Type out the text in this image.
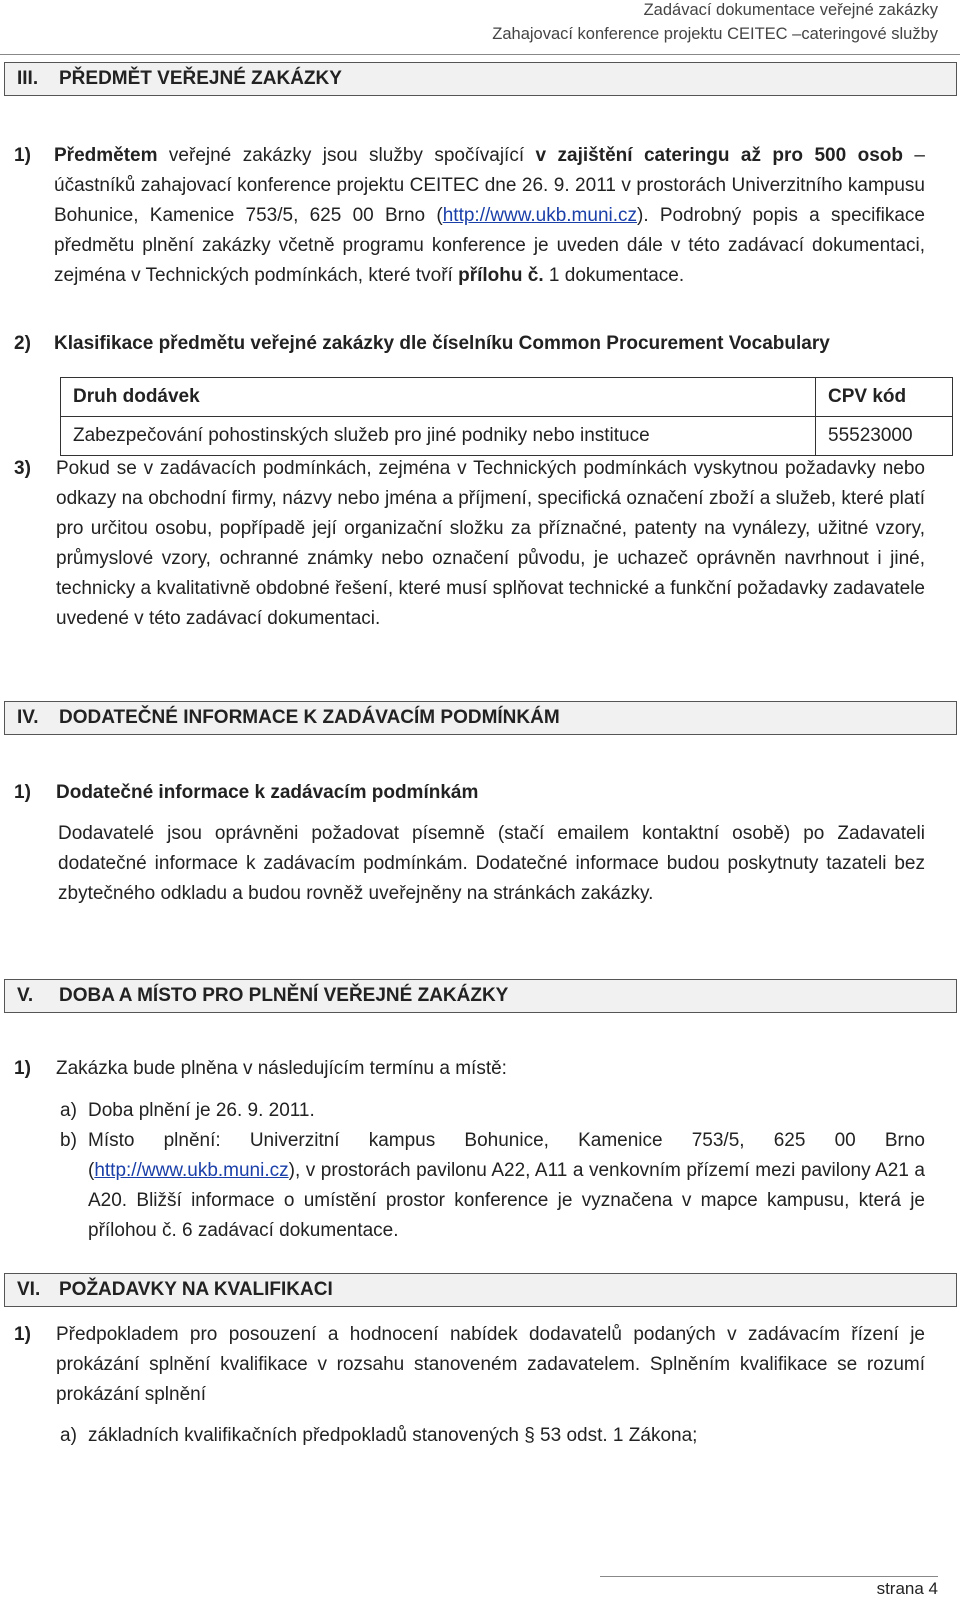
Zadávací dokumentace veřejné zakázky
Zahajovací konference projektu CEITEC –cateringové služby
III. PŘEDMĚT VEŘEJNÉ ZAKÁZKY
1) Předmětem veřejné zakázky jsou služby spočívající v zajištění cateringu až pro 500 osob – účastníků zahajovací konference projektu CEITEC dne 26. 9. 2011 v prostorách Univerzitního kampusu Bohunice, Kamenice 753/5, 625 00 Brno (http://www.ukb.muni.cz). Podrobný popis a specifikace předmětu plnění zakázky včetně programu konference je uveden dále v této zadávací dokumentaci, zejména v Technických podmínkách, které tvoří přílohu č. 1 dokumentace.
2) Klasifikace předmětu veřejné zakázky dle číselníku Common Procurement Vocabulary
Druh dodávek	CPV kód
Zabezpečování pohostinských služeb pro jiné podniky nebo instituce	55523000
3) Pokud se v zadávacích podmínkách, zejména v Technických podmínkách vyskytnou požadavky nebo odkazy na obchodní firmy, názvy nebo jména a příjmení, specifická označení zboží a služeb, které platí pro určitou osobu, popřípadě její organizační složku za příznačné, patenty na vynálezy, užitné vzory, průmyslové vzory, ochranné známky nebo označení původu, je uchazeč oprávněn navrhnout i jiné, technicky a kvalitativně obdobné řešení, které musí splňovat technické a funkční požadavky zadavatele uvedené v této zadávací dokumentaci.
IV. DODATEČNÉ INFORMACE K ZADÁVACÍM PODMÍNKÁM
1) Dodatečné informace k zadávacím podmínkám
Dodavatelé jsou oprávněni požadovat písemně (stačí emailem kontaktní osobě) po Zadavateli dodatečné informace k zadávacím podmínkám. Dodatečné informace budou poskytnuty tazateli bez zbytečného odkladu a budou rovněž uveřejněny na stránkách zakázky.
V. DOBA A MÍSTO PRO PLNĚNÍ VEŘEJNÉ ZAKÁZKY
1) Zakázka bude plněna v následujícím termínu a místě:
a) Doba plnění je 26. 9. 2011.
b) Místo plnění: Univerzitní kampus Bohunice, Kamenice 753/5, 625 00 Brno (http://www.ukb.muni.cz), v prostorách pavilonu A22, A11 a venkovním přízemí mezi pavilony A21 a A20. Bližší informace o umístění prostor konference je vyznačena v mapce kampusu, která je přílohou č. 6 zadávací dokumentace.
VI. POŽADAVKY NA KVALIFIKACI
1) Předpokladem pro posouzení a hodnocení nabídek dodavatelů podaných v zadávacím řízení je prokázání splnění kvalifikace v rozsahu stanoveném zadavatelem. Splněním kvalifikace se rozumí prokázání splnění
a) základních kvalifikačních předpokladů stanovených § 53 odst. 1 Zákona;
strana 4
